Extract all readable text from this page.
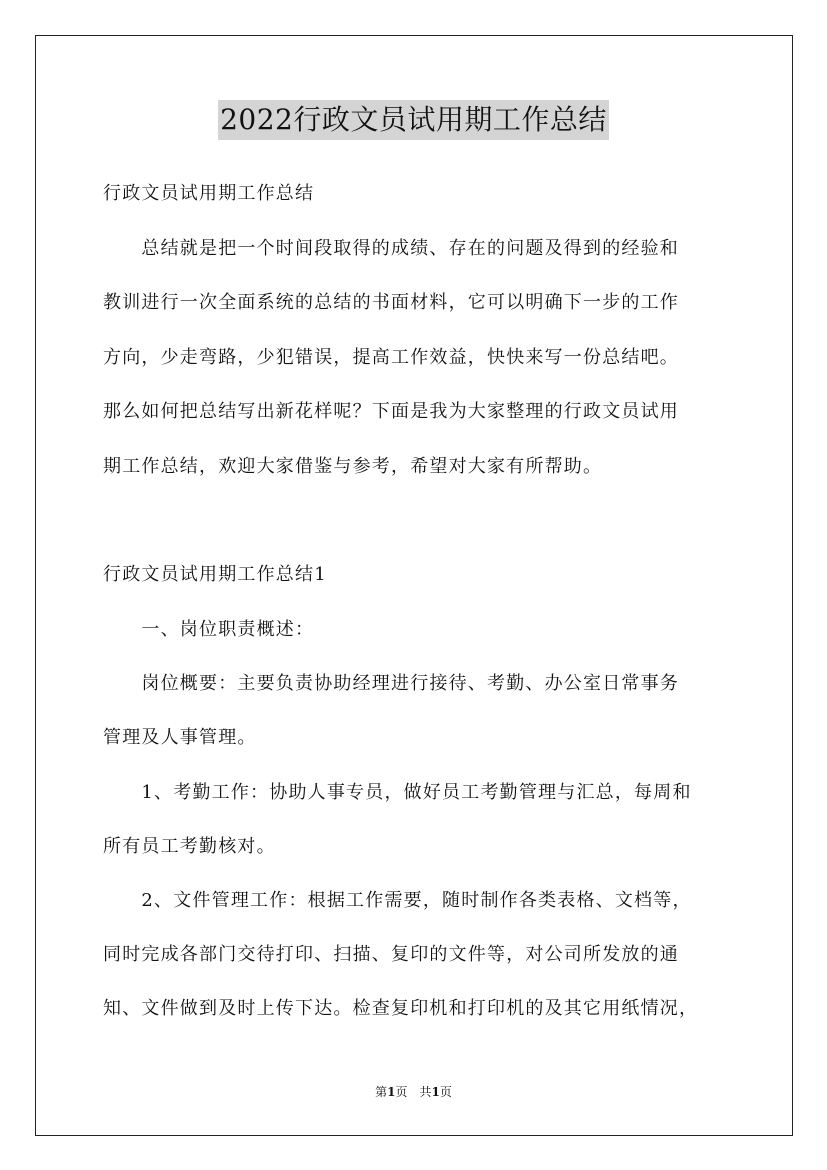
2022行政文员试用期工作总结
行政文员试用期工作总结
　　总结就是把一个时间段取得的成绩、存在的问题及得到的经验和
教训进行一次全面系统的总结的书面材料，它可以明确下一步的工作
方向，少走弯路，少犯错误，提高工作效益，快快来写一份总结吧。
那么如何把总结写出新花样呢？下面是我为大家整理的行政文员试用
期工作总结，欢迎大家借鉴与参考，希望对大家有所帮助。
行政文员试用期工作总结1
　　一、岗位职责概述：
　　岗位概要：主要负责协助经理进行接待、考勤、办公室日常事务
管理及人事管理。
　　1、考勤工作：协助人事专员，做好员工考勤管理与汇总，每周和
所有员工考勤核对。
　　2、文件管理工作：根据工作需要，随时制作各类表格、文档等，
同时完成各部门交待打印、扫描、复印的文件等，对公司所发放的通
知、文件做到及时上传下达。检查复印机和打印机的及其它用纸情况，
第1页　共1页
